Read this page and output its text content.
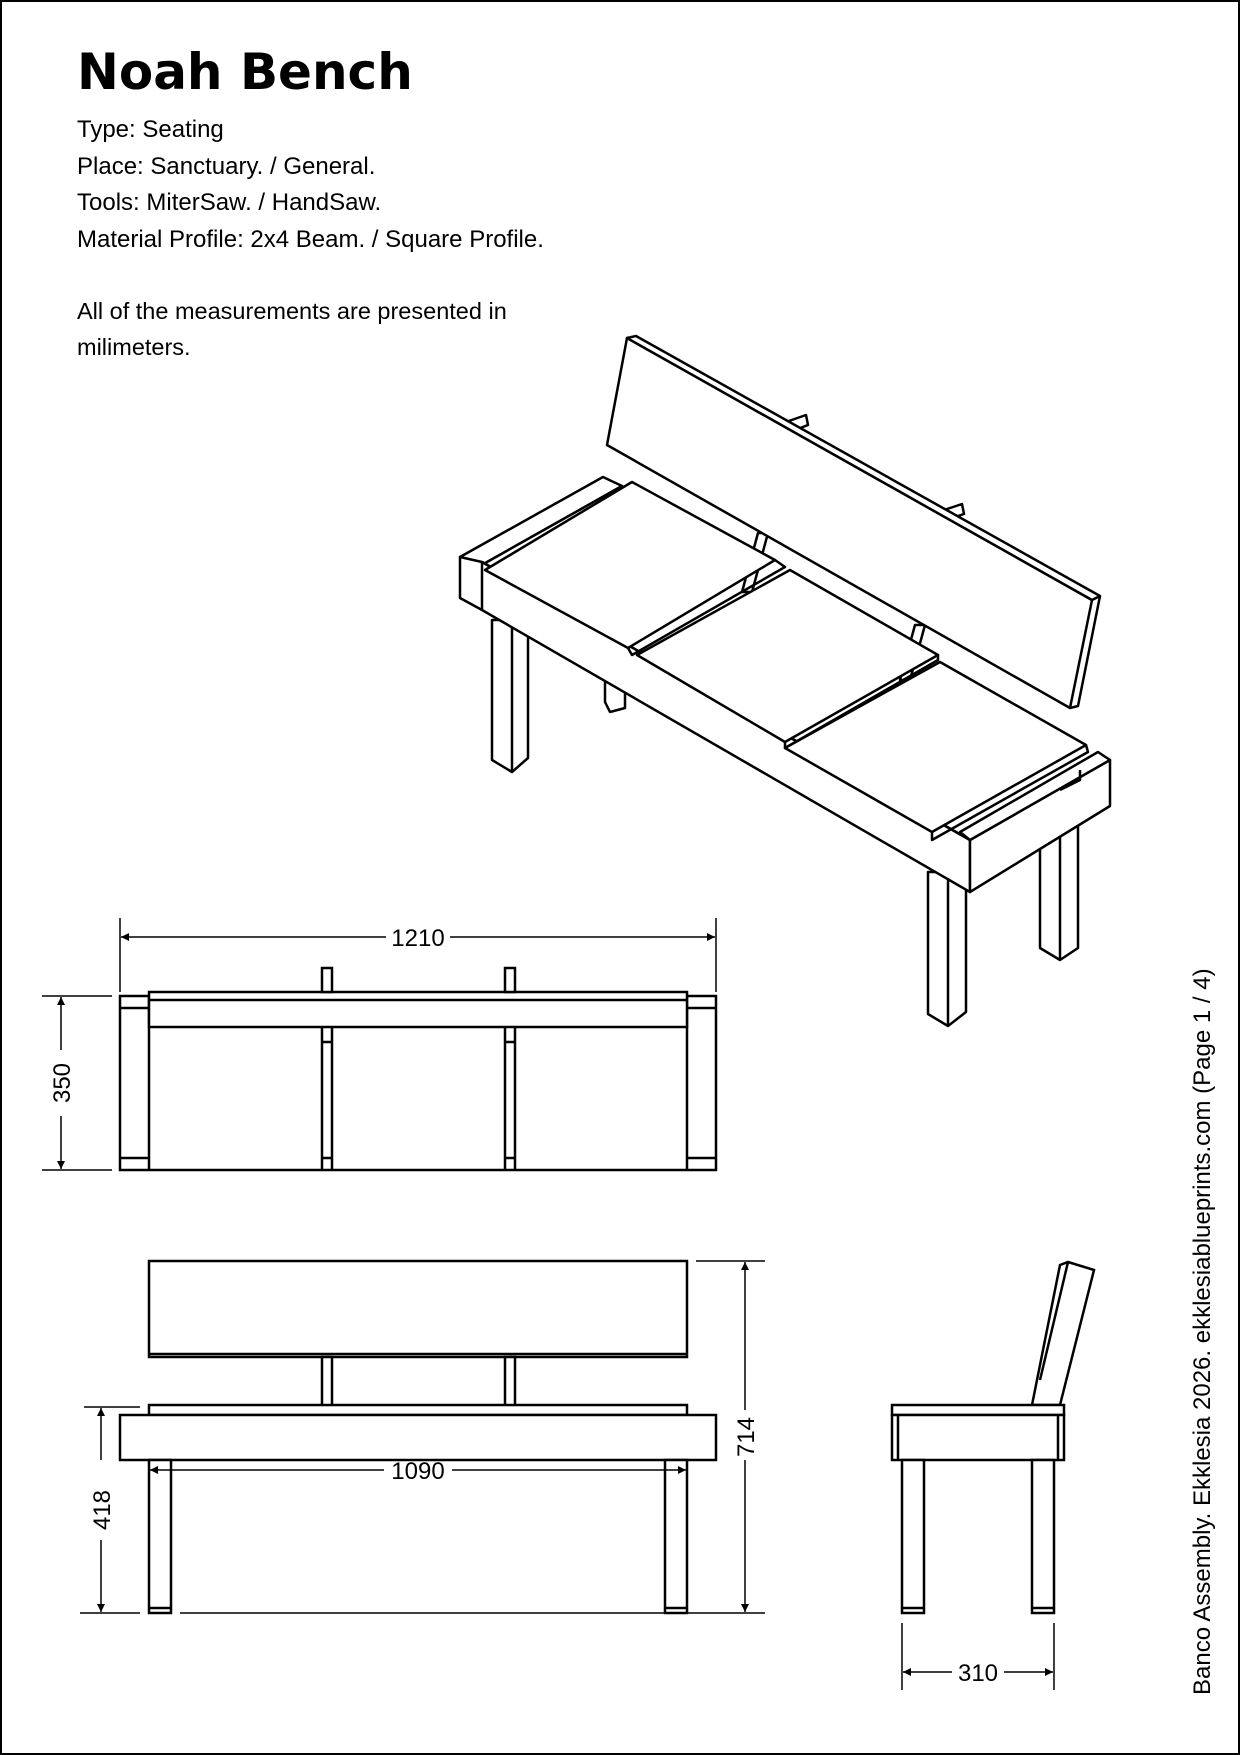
Noah Bench
Type: Seating
Place: Sanctuary. / General.
Tools: MiterSaw. / HandSaw.
Material Profile: 2x4 Beam. / Square Profile.
All of the measurements are presented in milimeters.
Banco Assembly. Ekklesia 2026. ekklesiablueprints.com (Page 1 / 4)
1210
350
1090
418
714
310
